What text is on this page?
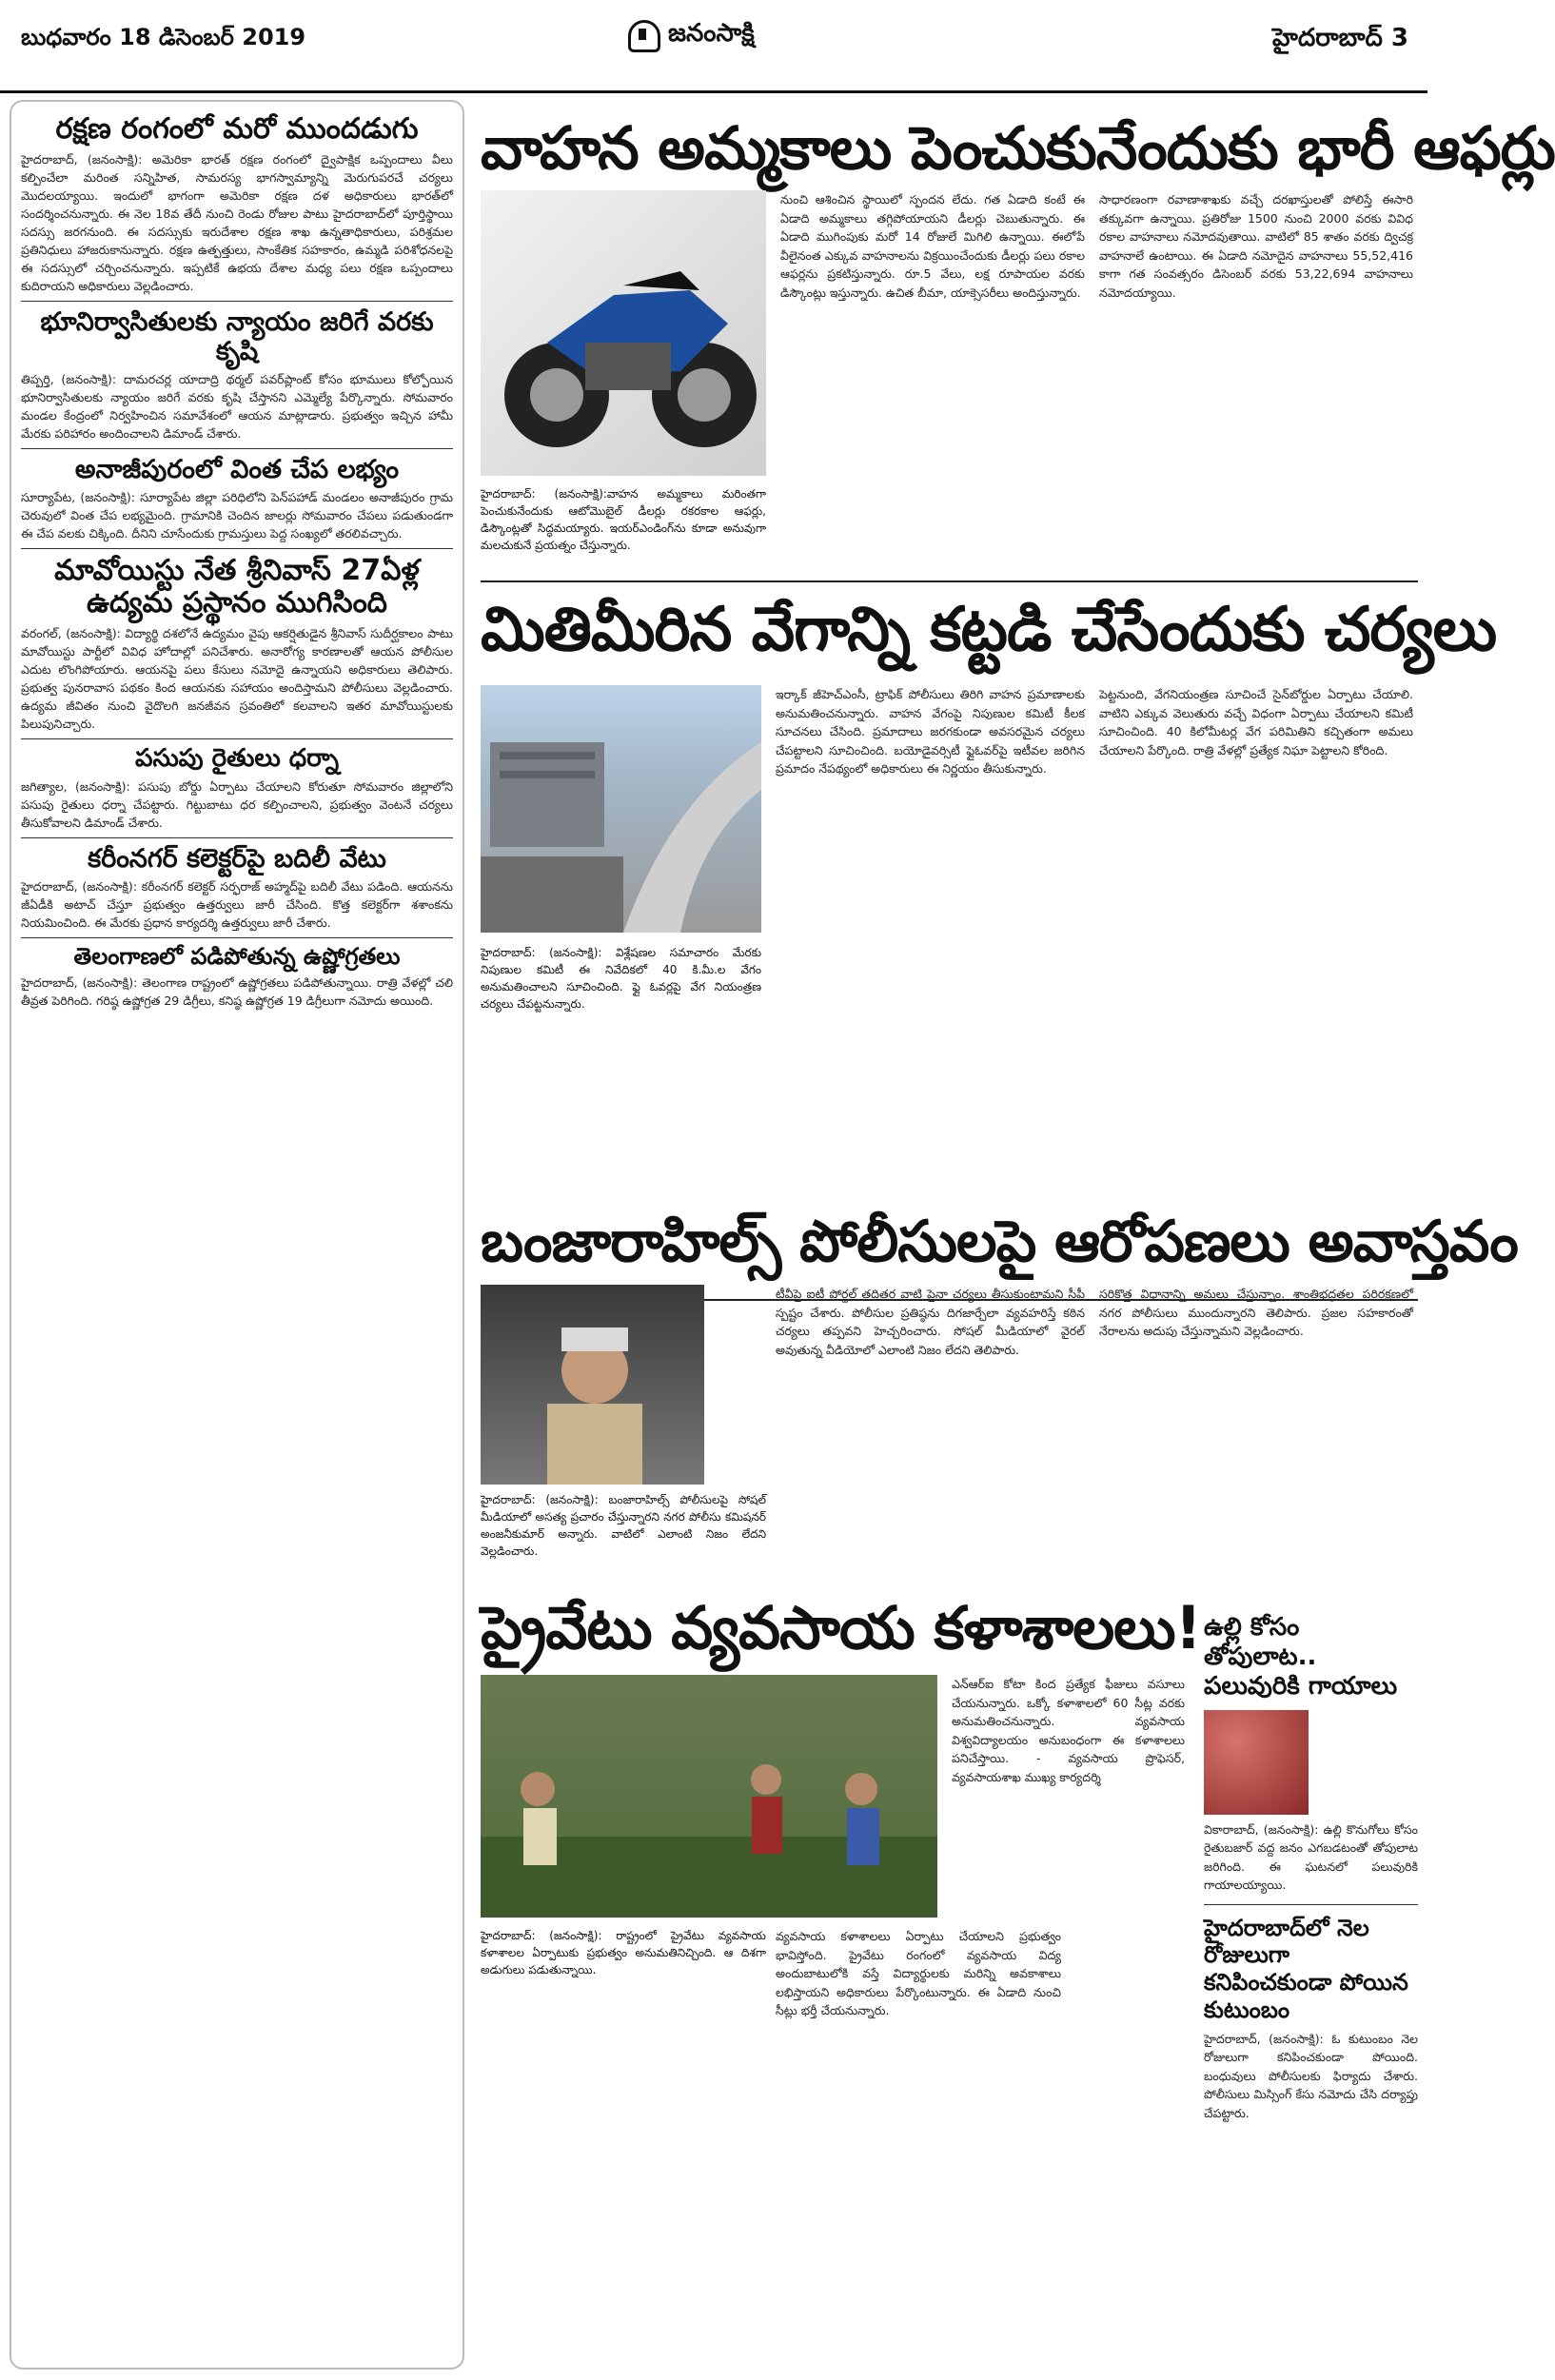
బుధవారం 18 డిసెంబర్ 2019	జనంసాక్షి	హైదరాబాద్ 3
రక్షణ రంగంలో మరో ముందడుగు

హైదరాబాద్, (జనంసాక్షి): అమెరికా భారత్ రక్షణ రంగంలో ద్వైపాక్షిక ఒప్పందాలు వీలు కల్పించేలా మరింత సన్నిహిత, సామరస్య భాగస్వామ్యాన్ని మెరుగుపరచే చర్యలు మొదలయ్యాయి. ఇందులో భాగంగా అమెరికా రక్షణ దళ అధికారులు భారత్‌లో సందర్శించనున్నారు. ఈ నెల 18వ తేదీ నుంచి రెండు రోజుల పాటు హైదరాబాద్‌లో పూర్తిస్థాయి సదస్సు జరగనుంది. ఈ సదస్సుకు ఇరుదేశాల రక్షణ శాఖ ఉన్నతాధికారులు, పరిశ్రమల ప్రతినిధులు హాజరుకానున్నారు. రక్షణ ఉత్పత్తులు, సాంకేతిక సహకారం, ఉమ్మడి పరిశోధనలపై ఈ సదస్సులో చర్చించనున్నారు. ఇప్పటికే ఉభయ దేశాల మధ్య పలు రక్షణ ఒప్పందాలు కుదిరాయని అధికారులు వెల్లడించారు.

భూనిర్వాసితులకు న్యాయం జరిగే వరకు కృషి

తిప్పర్తి, (జనంసాక్షి): దామరచర్ల యాదాద్రి థర్మల్ పవర్‌ప్లాంట్ కోసం భూములు కోల్పోయిన భూనిర్వాసితులకు న్యాయం జరిగే వరకు కృషి చేస్తానని ఎమ్మెల్యే పేర్కొన్నారు. సోమవారం మండల కేంద్రంలో నిర్వహించిన సమావేశంలో ఆయన మాట్లాడారు. ప్రభుత్వం ఇచ్చిన హామీ మేరకు పరిహారం అందించాలని డిమాండ్ చేశారు.

అనాజీపురంలో వింత చేప లభ్యం

సూర్యాపేట, (జనంసాక్షి): సూర్యాపేట జిల్లా పరిధిలోని పెన్‌పహాడ్ మండలం అనాజీపురం గ్రామ చెరువులో వింత చేప లభ్యమైంది. గ్రామానికి చెందిన జాలర్లు సోమవారం చేపలు పడుతుండగా ఈ చేప వలకు చిక్కింది. దీనిని చూసేందుకు గ్రామస్తులు పెద్ద సంఖ్యలో తరలివచ్చారు.

మావోయిస్టు నేత శ్రీనివాస్ 27ఏళ్ల ఉద్యమ ప్రస్థానం ముగిసింది

వరంగల్, (జనంసాక్షి): విద్యార్థి దశలోనే ఉద్యమం వైపు ఆకర్షితుడైన శ్రీనివాస్ సుదీర్ఘకాలం పాటు మావోయిస్టు పార్టీలో వివిధ హోదాల్లో పనిచేశారు. అనారోగ్య కారణాలతో ఆయన పోలీసుల ఎదుట లొంగిపోయారు. ఆయనపై పలు కేసులు నమోదై ఉన్నాయని అధికారులు తెలిపారు. ప్రభుత్వ పునరావాస పథకం కింద ఆయనకు సహాయం అందిస్తామని పోలీసులు వెల్లడించారు. ఉద్యమ జీవితం నుంచి వైదొలగి జనజీవన స్రవంతిలో కలవాలని ఇతర మావోయిస్టులకు పిలుపునిచ్చారు.

పసుపు రైతులు ధర్నా

జగిత్యాల, (జనంసాక్షి): పసుపు బోర్డు ఏర్పాటు చేయాలని కోరుతూ సోమవారం జిల్లాలోని పసుపు రైతులు ధర్నా చేపట్టారు. గిట్టుబాటు ధర కల్పించాలని, ప్రభుత్వం వెంటనే చర్యలు తీసుకోవాలని డిమాండ్ చేశారు.

కరీంనగర్ కలెక్టర్‌పై బదిలీ వేటు

హైదరాబాద్, (జనంసాక్షి): కరీంనగర్ కలెక్టర్ సర్ఫరాజ్ అహ్మద్‌పై బదిలీ వేటు పడింది. ఆయనను జీఏడీకి అటాచ్ చేస్తూ ప్రభుత్వం ఉత్తర్వులు జారీ చేసింది. కొత్త కలెక్టర్‌గా శశాంకను నియమించింది. ఈ మేరకు ప్రధాన కార్యదర్శి ఉత్తర్వులు జారీ చేశారు.

తెలంగాణలో పడిపోతున్న ఉష్ణోగ్రతలు

హైదరాబాద్, (జనంసాక్షి): తెలంగాణ రాష్ట్రంలో ఉష్ణోగ్రతలు పడిపోతున్నాయి. రాత్రి వేళల్లో చలి తీవ్రత పెరిగింది. గరిష్ఠ ఉష్ణోగ్రత 29 డిగ్రీలు, కనిష్ఠ ఉష్ణోగ్రత 19 డిగ్రీలుగా నమోదు అయింది.

వాహన అమ్మకాలు పెంచుకునేందుకు భారీ ఆఫర్లు
హైదరాబాద్: (జనంసాక్షి):వాహన అమ్మకాలు మరింతగా పెంచుకునేందుకు ఆటోమొబైల్ డీలర్లు రకరకాల ఆఫర్లు, డిస్కౌంట్లతో సిద్ధమయ్యారు. ఇయర్ఎండింగ్‌ను కూడా అనువుగా మలచుకునే ప్రయత్నం చేస్తున్నారు.
నుంచి ఆశించిన స్థాయిలో స్పందన లేదు. గత ఏడాది కంటే ఈ ఏడాది అమ్మకాలు తగ్గిపోయాయని డీలర్లు చెబుతున్నారు. ఈ ఏడాది ముగింపుకు మరో 14 రోజులే మిగిలి ఉన్నాయి. ఈలోపే వీలైనంత ఎక్కువ వాహనాలను విక్రయించేందుకు డీలర్లు పలు రకాల ఆఫర్లను ప్రకటిస్తున్నారు. రూ.5 వేలు, లక్ష రూపాయల వరకు డిస్కౌంట్లు ఇస్తున్నారు. ఉచిత బీమా, యాక్సెసరీలు అందిస్తున్నారు.
సాధారణంగా రవాణాశాఖకు వచ్చే దరఖాస్తులతో పోలిస్తే ఈసారి తక్కువగా ఉన్నాయి. ప్రతిరోజు 1500 నుంచి 2000 వరకు వివిధ రకాల వాహనాలు నమోదవుతాయి. వాటిలో 85 శాతం వరకు ద్విచక్ర వాహనాలే ఉంటాయి. ఈ ఏడాది నమోదైన వాహనాలు 55,52,416 కాగా గత సంవత్సరం డిసెంబర్ వరకు 53,22,694 వాహనాలు నమోదయ్యాయి.
మితిమీరిన వేగాన్ని కట్టడి చేసేందుకు చర్యలు
హైదరాబాద్: (జనంసాక్షి): విశ్లేషణల సమాచారం మేరకు నిపుణుల కమిటీ ఈ నివేదికలో 40 కి.మీ.ల వేగం అనుమతించాలని సూచించింది. ఫ్లై ఓవర్లపై వేగ నియంత్రణ చర్యలు చేపట్టనున్నారు.
ఇర్కాక్ జీహెచ్ఎంసీ, ట్రాఫిక్ పోలీసులు తిరిగి వాహన ప్రమాణాలకు అనుమతించనున్నారు. వాహన వేగంపై నిపుణుల కమిటీ కీలక సూచనలు చేసింది. ప్రమాదాలు జరగకుండా అవసరమైన చర్యలు చేపట్టాలని సూచించింది. బయోడైవర్సిటీ ఫ్లైఓవర్‌పై ఇటీవల జరిగిన ప్రమాదం నేపథ్యంలో అధికారులు ఈ నిర్ణయం తీసుకున్నారు.
పెట్టనుంది, వేగనియంత్రణ సూచించే సైన్‌బోర్డుల ఏర్పాటు చేయాలి. వాటిని ఎక్కువ వెలుతురు వచ్చే విధంగా ఏర్పాటు చేయాలని కమిటీ సూచించింది. 40 కిలోమీటర్ల వేగ పరిమితిని కచ్చితంగా అమలు చేయాలని పేర్కొంది. రాత్రి వేళల్లో ప్రత్యేక నిఘా పెట్టాలని కోరింది.
బంజారాహిల్స్ పోలీసులపై ఆరోపణలు అవాస్తవం
హైదరాబాద్: (జనంసాక్షి): బంజారాహిల్స్ పోలీసులపై సోషల్ మీడియాలో అసత్య ప్రచారం చేస్తున్నారని నగర పోలీసు కమిషనర్ అంజనీకుమార్ అన్నారు. వాటిలో ఎలాంటి నిజం లేదని వెల్లడించారు.
టీవీపై ఐటీ పోర్టల్ తదితర వాటి పైనా చర్యలు తీసుకుంటామని సీపీ స్పష్టం చేశారు. పోలీసుల ప్రతిష్ఠను దిగజార్చేలా వ్యవహరిస్తే కఠిన చర్యలు తప్పవని హెచ్చరించారు. సోషల్ మీడియాలో వైరల్ అవుతున్న వీడియోలో ఎలాంటి నిజం లేదని తెలిపారు.
సరికొత్త విధానాన్ని అమలు చేస్తున్నాం. శాంతిభద్రతల పరిరక్షణలో నగర పోలీసులు ముందున్నారని తెలిపారు. ప్రజల సహకారంతో నేరాలను అదుపు చేస్తున్నామని వెల్లడించారు.
ప్రైవేటు వ్యవసాయ కళాశాలలు!
హైదరాబాద్: (జనంసాక్షి): రాష్ట్రంలో ప్రైవేటు వ్యవసాయ కళాశాలల ఏర్పాటుకు ప్రభుత్వం అనుమతినిచ్చింది. ఆ దిశగా అడుగులు పడుతున్నాయి.
వ్యవసాయ కళాశాలలు ఏర్పాటు చేయాలని ప్రభుత్వం భావిస్తోంది. ప్రైవేటు రంగంలో వ్యవసాయ విద్య అందుబాటులోకి వస్తే విద్యార్థులకు మరిన్ని అవకాశాలు లభిస్తాయని అధికారులు పేర్కొంటున్నారు. ఈ ఏడాది నుంచి సీట్లు భర్తీ చేయనున్నారు.
ఎన్ఆర్ఐ కోటా కింద ప్రత్యేక ఫీజులు వసూలు చేయనున్నారు. ఒక్కో కళాశాలలో 60 సీట్ల వరకు అనుమతించనున్నారు. వ్యవసాయ విశ్వవిద్యాలయం అనుబంధంగా ఈ కళాశాలలు పనిచేస్తాయి. - వ్యవసాయ ప్రొఫెసర్, వ్యవసాయశాఖ ముఖ్య కార్యదర్శి
ఉల్లి కోసం తోపులాట.. పలువురికి గాయాలు
వికారాబాద్, (జనంసాక్షి): ఉల్లి కొనుగోలు కోసం రైతుబజార్ వద్ద జనం ఎగబడటంతో తోపులాట జరిగింది. ఈ ఘటనలో పలువురికి గాయాలయ్యాయి.
హైదరాబాద్‌లో నెల రోజులుగా కనిపించకుండా పోయిన కుటుంబం
హైదరాబాద్, (జనంసాక్షి): ఓ కుటుంబం నెల రోజులుగా కనిపించకుండా పోయింది. బంధువులు పోలీసులకు ఫిర్యాదు చేశారు. పోలీసులు మిస్సింగ్ కేసు నమోదు చేసి దర్యాప్తు చేపట్టారు.
